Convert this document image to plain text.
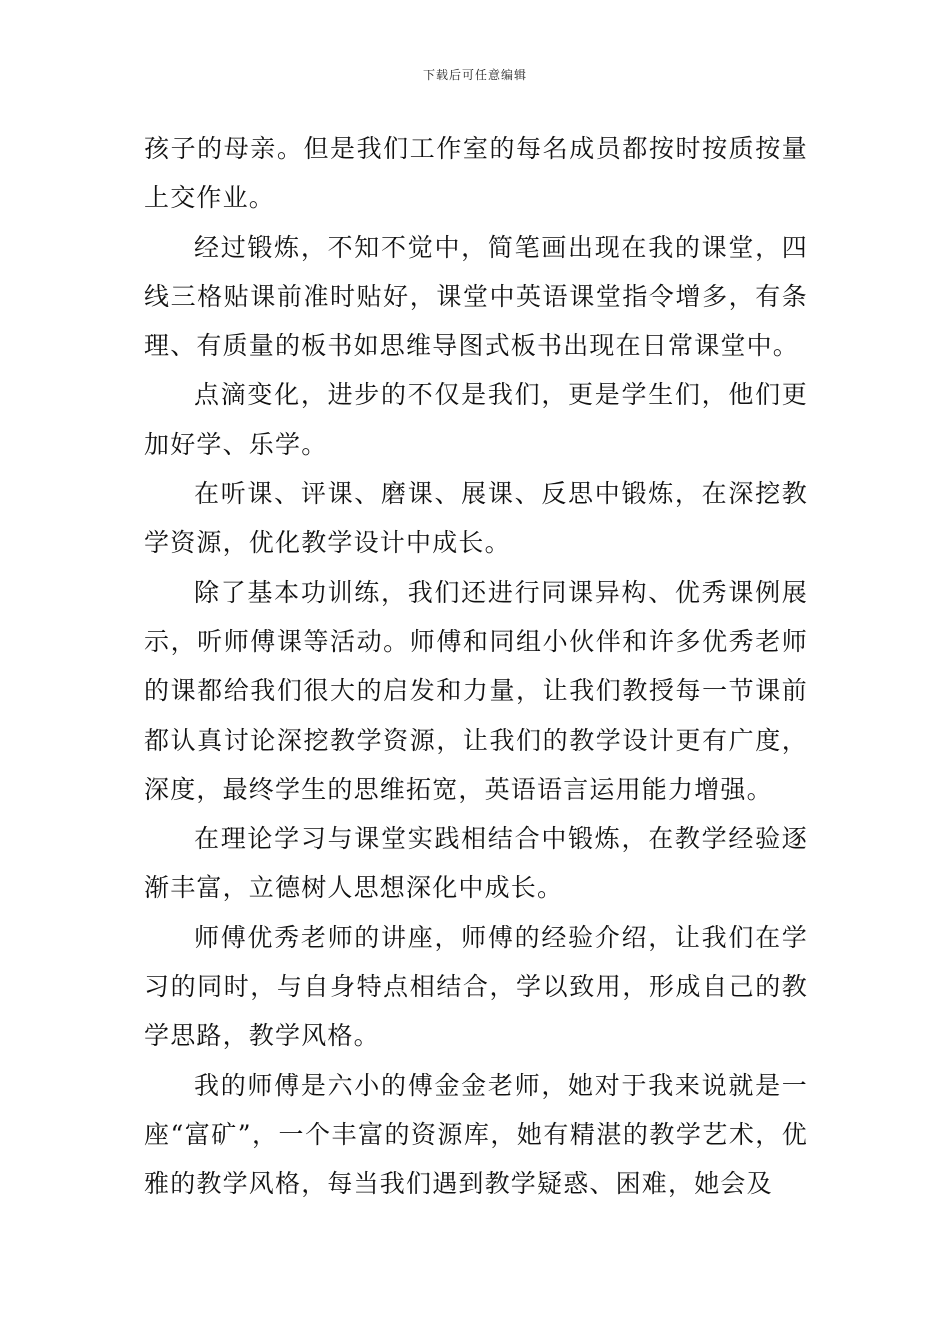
下载后可任意编辑

孩子的母亲。但是我们工作室的每名成员都按时按质按量上交作业。

经过锻炼，不知不觉中，简笔画出现在我的课堂，四线三格贴课前准时贴好，课堂中英语课堂指令增多，有条理、有质量的板书如思维导图式板书出现在日常课堂中。

点滴变化，进步的不仅是我们，更是学生们，他们更加好学、乐学。

在听课、评课、磨课、展课、反思中锻炼，在深挖教学资源，优化教学设计中成长。

除了基本功训练，我们还进行同课异构、优秀课例展示，听师傅课等活动。师傅和同组小伙伴和许多优秀老师的课都给我们很大的启发和力量，让我们教授每一节课前都认真讨论深挖教学资源，让我们的教学设计更有广度，深度，最终学生的思维拓宽，英语语言运用能力增强。

在理论学习与课堂实践相结合中锻炼，在教学经验逐渐丰富，立德树人思想深化中成长。

师傅优秀老师的讲座，师傅的经验介绍，让我们在学习的同时，与自身特点相结合，学以致用，形成自己的教学思路，教学风格。

我的师傅是六小的傅金金老师，她对于我来说就是一座“富矿”，一个丰富的资源库，她有精湛的教学艺术，优雅的教学风格，每当我们遇到教学疑惑、困难，她会及
